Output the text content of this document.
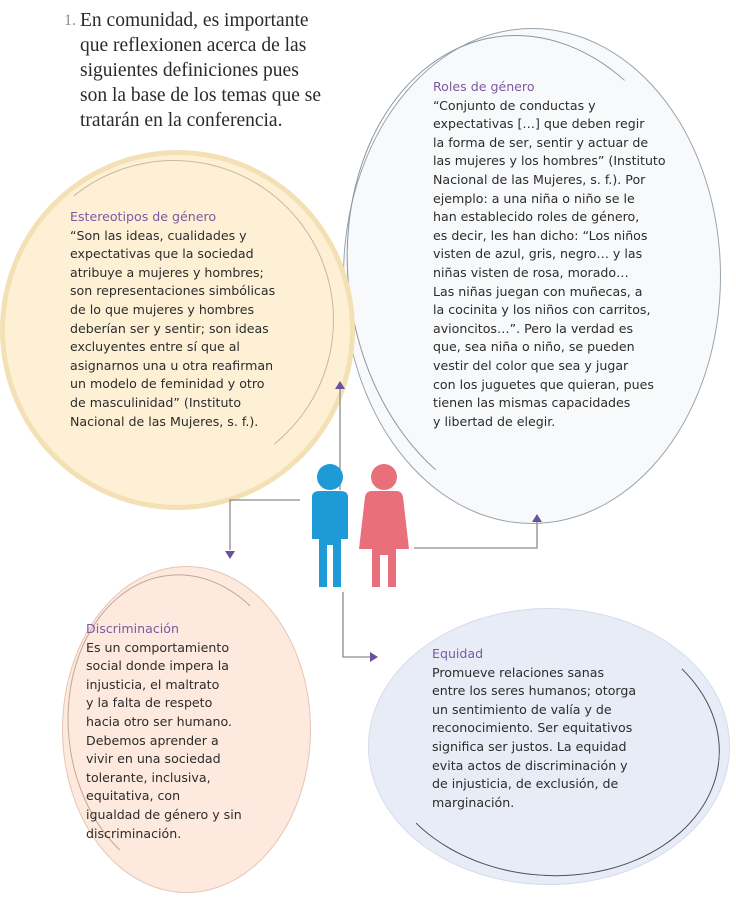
1. En comunidad, es importante
que reflexionen acerca de las
siguientes definiciones pues
son la base de los temas que se
tratarán en la conferencia.
Roles de género
“Conjunto de conductas y
expectativas […] que deben regir
la forma de ser, sentir y actuar de
las mujeres y los hombres” (Instituto
Nacional de las Mujeres, s. f.). Por
ejemplo: a una niña o niño se le
han establecido roles de género,
es decir, les han dicho: “Los niños
visten de azul, gris, negro… y las
niñas visten de rosa, morado…
Las niñas juegan con muñecas, a
la cocinita y los niños con carritos,
avioncitos…”. Pero la verdad es
que, sea niña o niño, se pueden
vestir del color que sea y jugar
con los juguetes que quieran, pues
tienen las mismas capacidades
y libertad de elegir.
Estereotipos de género
“Son las ideas, cualidades y
expectativas que la sociedad
atribuye a mujeres y hombres;
son representaciones simbólicas
de lo que mujeres y hombres
deberían ser y sentir; son ideas
excluyentes entre sí que al
asignarnos una u otra reafirman
un modelo de feminidad y otro
de masculinidad” (Instituto
Nacional de las Mujeres, s. f.).
Discriminación
Es un comportamiento
social donde impera la
injusticia, el maltrato
y la falta de respeto
hacia otro ser humano.
Debemos aprender a
vivir en una sociedad
tolerante, inclusiva,
equitativa, con
igualdad de género y sin
discriminación.
Equidad
Promueve relaciones sanas
entre los seres humanos; otorga
un sentimiento de valía y de
reconocimiento. Ser equitativos
significa ser justos. La equidad
evita actos de discriminación y
de injusticia, de exclusión, de
marginación.
